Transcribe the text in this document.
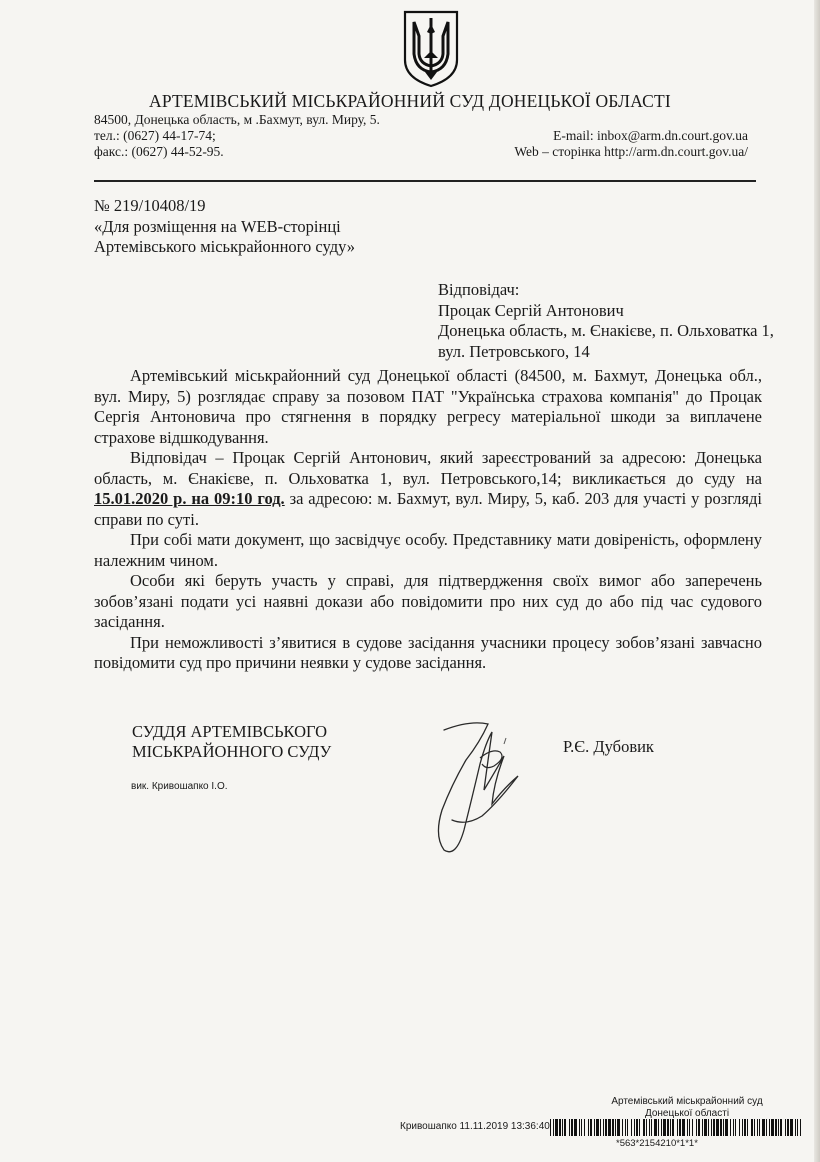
АРТЕМІВСЬКИЙ МІСЬКРАЙОННИЙ СУД ДОНЕЦЬКОЇ ОБЛАСТІ
84500, Донецька область, м .Бахмут, вул. Миру, 5.
тел.: (0627) 44-17-74;
факс.: (0627) 44-52-95.
E-mail: inbox@arm.dn.court.gov.ua
Web – сторінка http://arm.dn.court.gov.ua/
№ 219/10408/19
«Для розміщення на WEB-сторінці
Артемівського міськрайонного суду»
Відповідач:
Процак Сергій Антонович
Донецька область, м. Єнакієве, п. Ольховатка 1,
вул. Петровського, 14

Артемівський міськрайонний суд Донецької області (84500, м. Бахмут, Донецька обл., вул. Миру, 5) розглядає справу за позовом ПАТ "Українська страхова компанія" до Процак Сергія Антоновича про стягнення в порядку регресу матеріальної шкоди за виплачене страхове відшкодування.

Відповідач – Процак Сергій Антонович, який зареєстрований за адресою: Донецька область, м. Єнакієве, п. Ольховатка 1, вул. Петровського,14; викликається до суду на 15.01.2020 р. на 09:10 год. за адресою: м. Бахмут, вул. Миру, 5, каб. 203 для участі у розгляді справи по суті.

При собі мати документ, що засвідчує особу. Представнику мати довіреність, оформлену належним чином.

Особи які беруть участь у справі, для підтвердження своїх вимог або заперечень зобов’язані подати усі наявні докази або повідомити про них суд до або під час судового засідання.

При неможливості з’явитися в судове засідання учасники процесу зобов’язані завчасно повідомити суд про причини неявки у судове засідання.

СУДДЯ АРТЕМІВСЬКОГО
МІСЬКРАЙОННОГО СУДУ	Р.Є. Дубовик
вик. Кривошапко І.О.
Артемівський міськрайонний суд
Донецької області
Кривошапко 11.11.2019 13:36:40
*563*2154210*1*1*
